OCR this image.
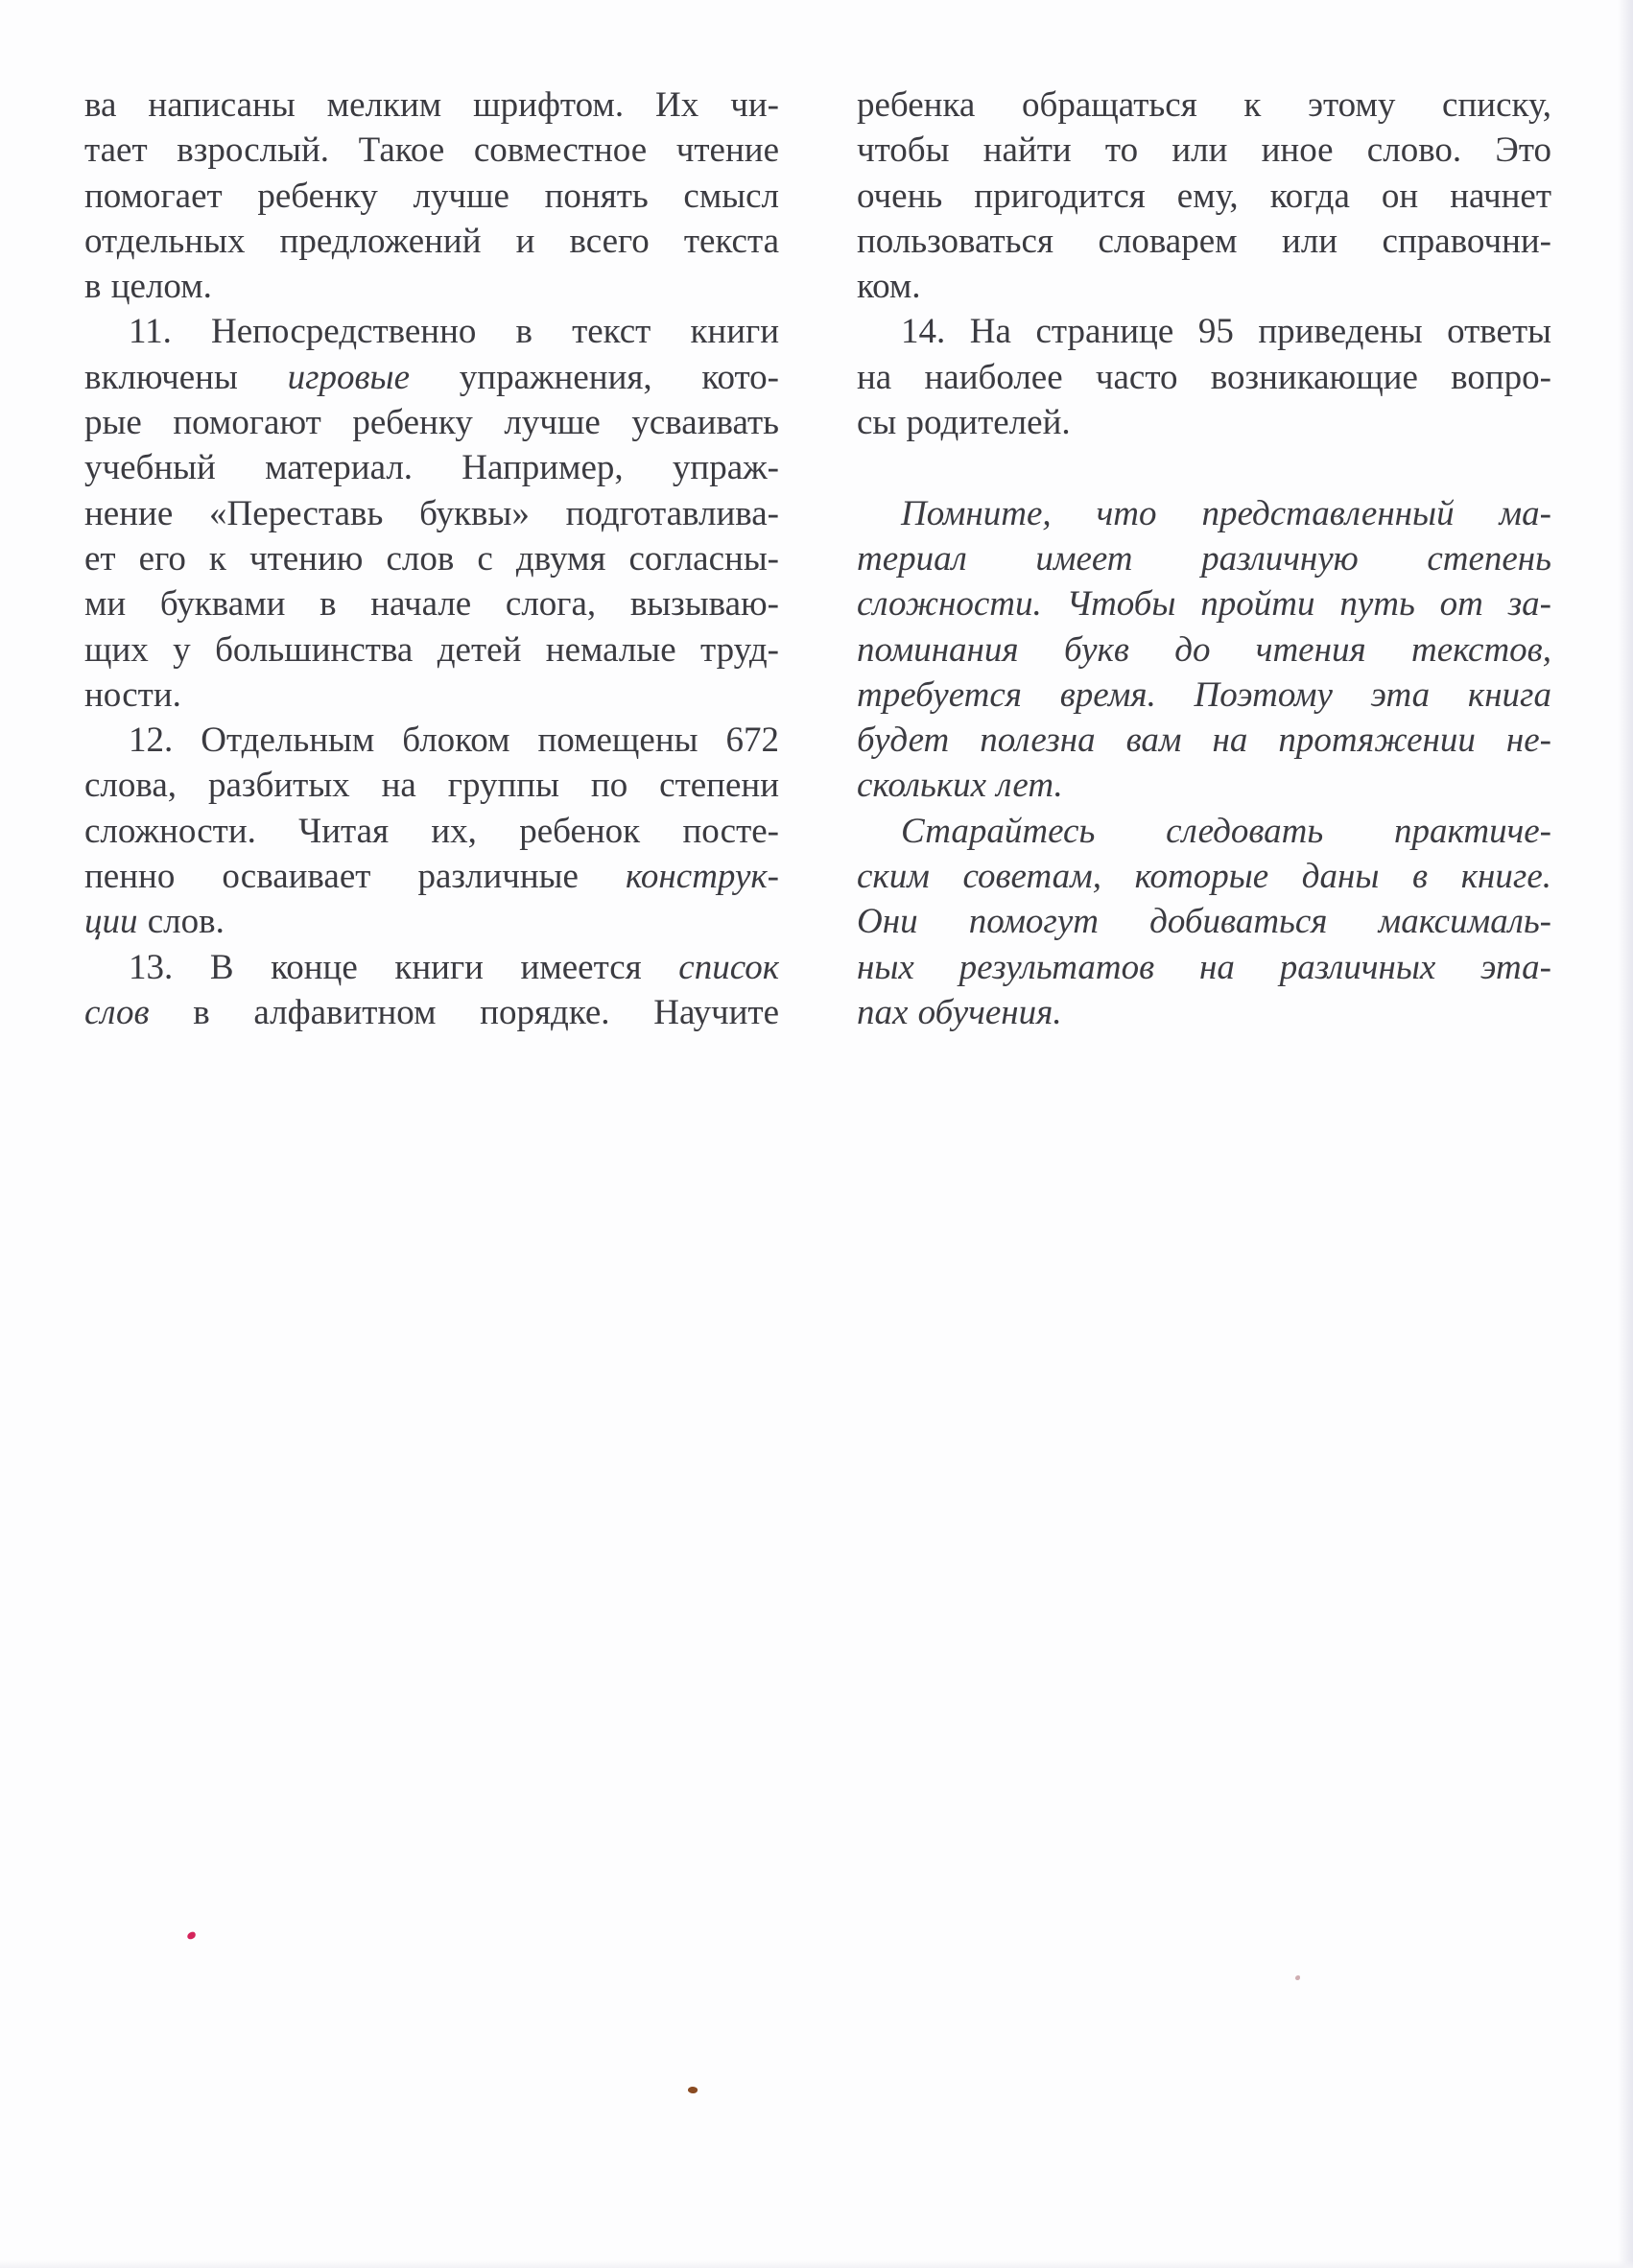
ва написаны мелким шрифтом. Их чи-
тает взрослый. Такое совместное чтение
помогает ребенку лучше понять смысл
отдельных предложений и всего текста
в целом.
11. Непосредственно в текст книги
включены игровые упражнения, кото-
рые помогают ребенку лучше усваивать
учебный материал. Например, упраж-
нение «Переставь буквы» подготавлива-
ет его к чтению слов с двумя согласны-
ми буквами в начале слога, вызываю-
щих у большинства детей немалые труд-
ности.
12. Отдельным блоком помещены 672
слова, разбитых на группы по степени
сложности. Читая их, ребенок посте-
пенно осваивает различные конструк-
ции слов.
13. В конце книги имеется список
слов в алфавитном порядке. Научите
ребенка обращаться к этому списку,
чтобы найти то или иное слово. Это
очень пригодится ему, когда он начнет
пользоваться словарем или справочни-
ком.
14. На странице 95 приведены ответы
на наиболее часто возникающие вопро-
сы родителей.
Помните, что представленный ма-
териал имеет различную степень
сложности. Чтобы пройти путь от за-
поминания букв до чтения текстов,
требуется время. Поэтому эта книга
будет полезна вам на протяжении не-
скольких лет.
Старайтесь следовать практиче-
ским советам, которые даны в книге.
Они помогут добиваться максималь-
ных результатов на различных эта-
пах обучения.
